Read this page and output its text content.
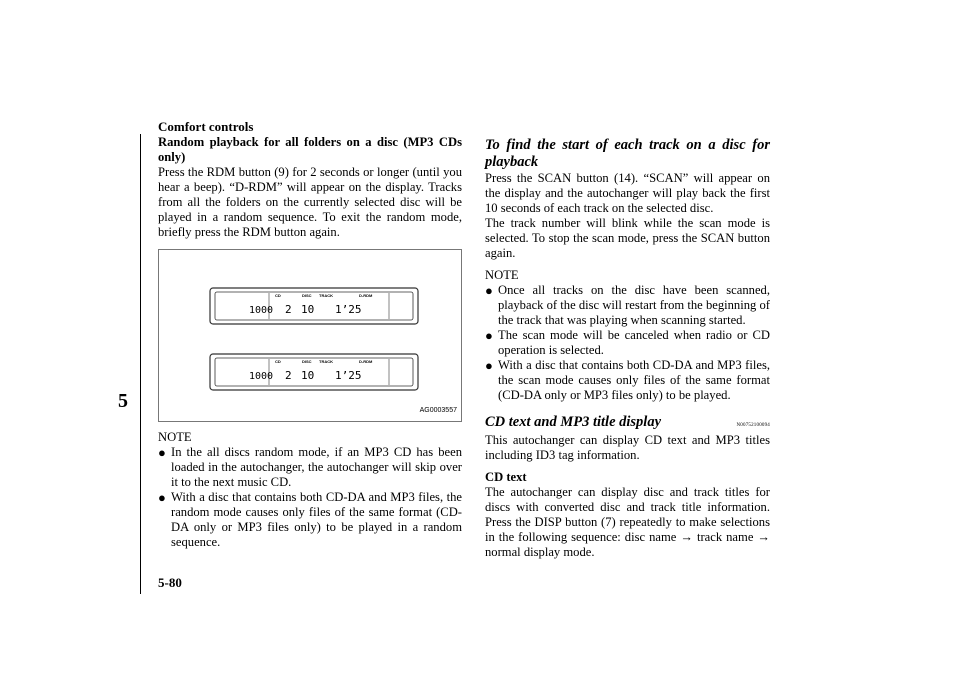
Comfort controls
5

Random playback for all folders on a disc (MP3 CDs only)

Press the RDM button (9) for 2 seconds or longer (until you hear a beep). “D-RDM” will appear on the display. Tracks from all the folders on the currently selected disc will be played in a random sequence. To exit the random mode, briefly press the RDM button again.

CD	DISC TRACK	D-RDM
1000 2 10 1’25
CD	DISC TRACK	D-RDM
1000 2 10 1’25
AG0003557

NOTE

● In the all discs random mode, if an MP3 CD has been loaded in the autochanger, the autochanger will skip over it to the next music CD.
● With a disc that contains both CD-DA and MP3 files, the random mode causes only files of the same format (CD-DA only or MP3 files only) to be played in a random sequence.

To find the start of each track on a disc for playback

Press the SCAN button (14). “SCAN” will appear on the display and the autochanger will play back the first 10 seconds of each track on the selected disc.

The track number will blink while the scan mode is selected. To stop the scan mode, press the SCAN button again.

NOTE

● Once all tracks on the disc have been scanned, playback of the disc will restart from the beginning of the track that was playing when scanning started.
● The scan mode will be canceled when radio or CD operation is selected.
● With a disc that contains both CD-DA and MP3 files, the scan mode causes only files of the same format (CD-DA only or MP3 files only) to be played.
CD text and MP3 title display	N00752100094

This autochanger can display CD text and MP3 titles including ID3 tag information.

CD text

The autochanger can display disc and track titles for discs with converted disc and track title information. Press the DISP button (7) repeatedly to make selections in the following sequence: disc name → track name → normal display mode.

5-80
